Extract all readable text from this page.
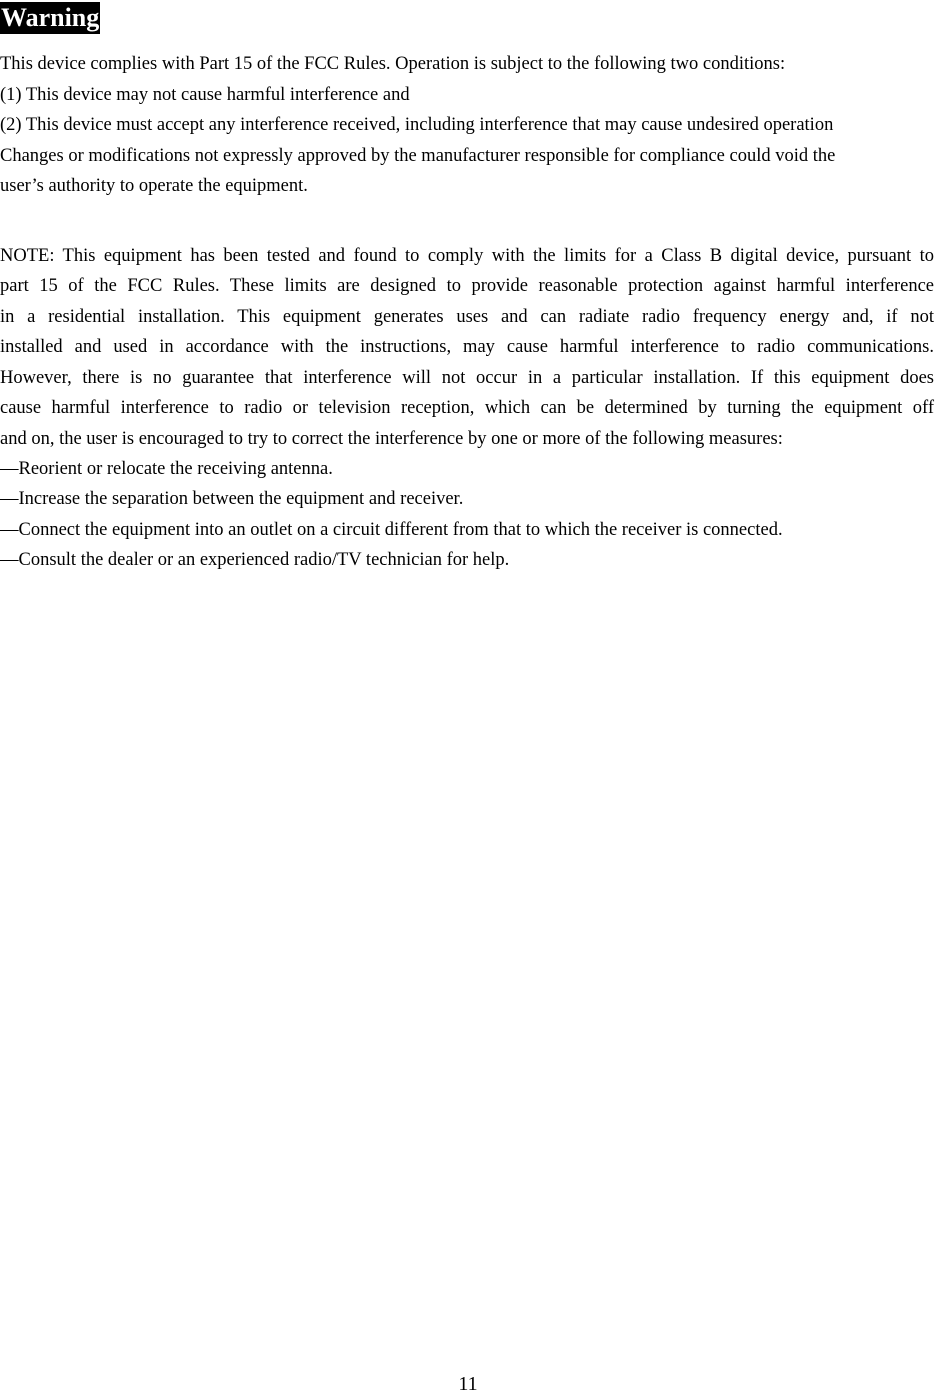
Warning
This device complies with Part 15 of the FCC Rules. Operation is subject to the following two conditions:
(1) This device may not cause harmful interference and
(2) This device must accept any interference received, including interference that may cause undesired operation
Changes or modifications not expressly approved by the manufacturer responsible for compliance could void the
user’s authority to operate the equipment.
NOTE: This equipment has been tested and found to comply with the limits for a Class B digital device, pursuant to
part 15 of the FCC Rules. These limits are designed to provide reasonable protection against harmful interference
in a residential installation. This equipment generates uses and can radiate radio frequency energy and, if not
installed and used in accordance with the instructions, may cause harmful interference to radio communications.
However, there is no guarantee that interference will not occur in a particular installation. If this equipment does
cause harmful interference to radio or television reception, which can be determined by turning the equipment off
and on, the user is encouraged to try to correct the interference by one or more of the following measures:
—Reorient or relocate the receiving antenna.
—Increase the separation between the equipment and receiver.
—Connect the equipment into an outlet on a circuit different from that to which the receiver is connected.
—Consult the dealer or an experienced radio/TV technician for help.
11
